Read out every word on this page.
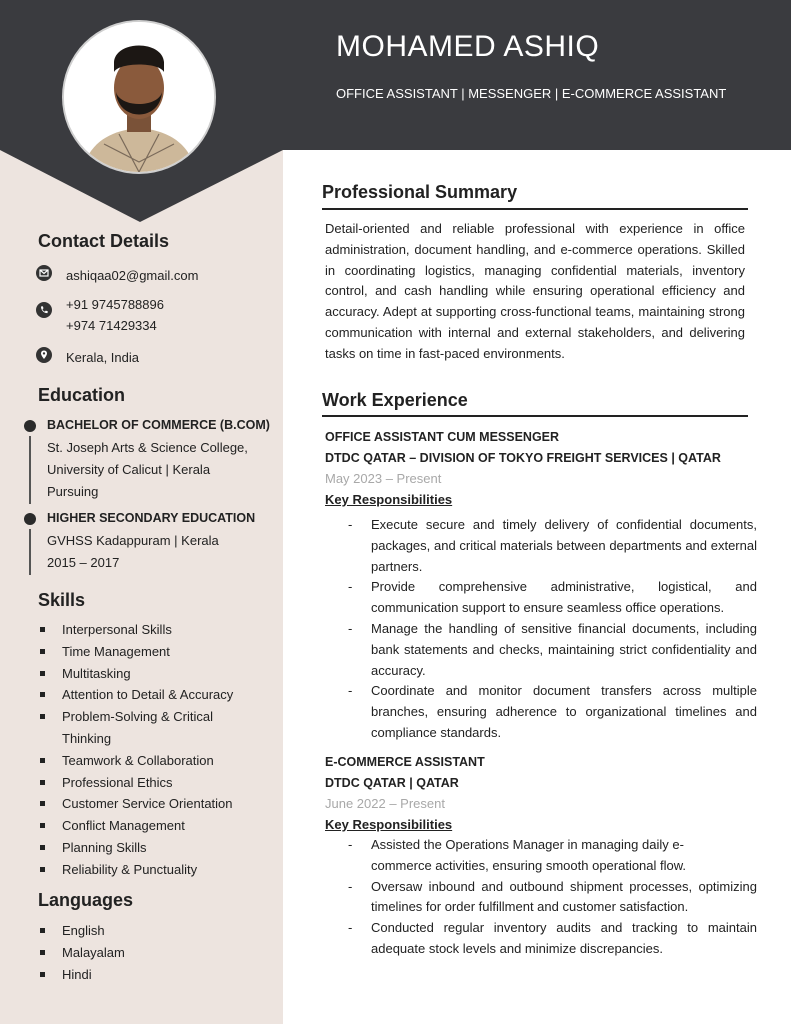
MOHAMED ASHIQ
OFFICE ASSISTANT | MESSENGER | E-COMMERCE ASSISTANT
Contact Details
ashiqaa02@gmail.com
+91 9745788896
+974 71429334
Kerala, India
Education
BACHELOR OF COMMERCE (B.COM)
St. Joseph Arts & Science College,
University of Calicut | Kerala
Pursuing
HIGHER SECONDARY EDUCATION
GVHSS Kadappuram | Kerala
2015 – 2017
Skills
Interpersonal Skills
Time Management
Multitasking
Attention to Detail & Accuracy
Problem-Solving & Critical Thinking
Teamwork & Collaboration
Professional Ethics
Customer Service Orientation
Conflict Management
Planning Skills
Reliability & Punctuality
Languages
English
Malayalam
Hindi
Professional Summary
Detail-oriented and reliable professional with experience in office administration, document handling, and e-commerce operations. Skilled in coordinating logistics, managing confidential materials, inventory control, and cash handling while ensuring operational efficiency and accuracy. Adept at supporting cross-functional teams, maintaining strong communication with internal and external stakeholders, and delivering tasks on time in fast-paced environments.
Work Experience
OFFICE ASSISTANT CUM MESSENGER
DTDC QATAR – DIVISION OF TOKYO FREIGHT SERVICES | QATAR
May 2023 – Present
Key Responsibilities
- Execute secure and timely delivery of confidential documents, packages, and critical materials between departments and external partners.
- Provide comprehensive administrative, logistical, and communication support to ensure seamless office operations.
- Manage the handling of sensitive financial documents, including bank statements and checks, maintaining strict confidentiality and accuracy.
- Coordinate and monitor document transfers across multiple branches, ensuring adherence to organizational timelines and compliance standards.
E-COMMERCE ASSISTANT
DTDC QATAR | QATAR
June 2022 – Present
Key Responsibilities
- Assisted the Operations Manager in managing daily e-commerce activities, ensuring smooth operational flow.
- Oversaw inbound and outbound shipment processes, optimizing timelines for order fulfillment and customer satisfaction.
- Conducted regular inventory audits and tracking to maintain adequate stock levels and minimize discrepancies.
